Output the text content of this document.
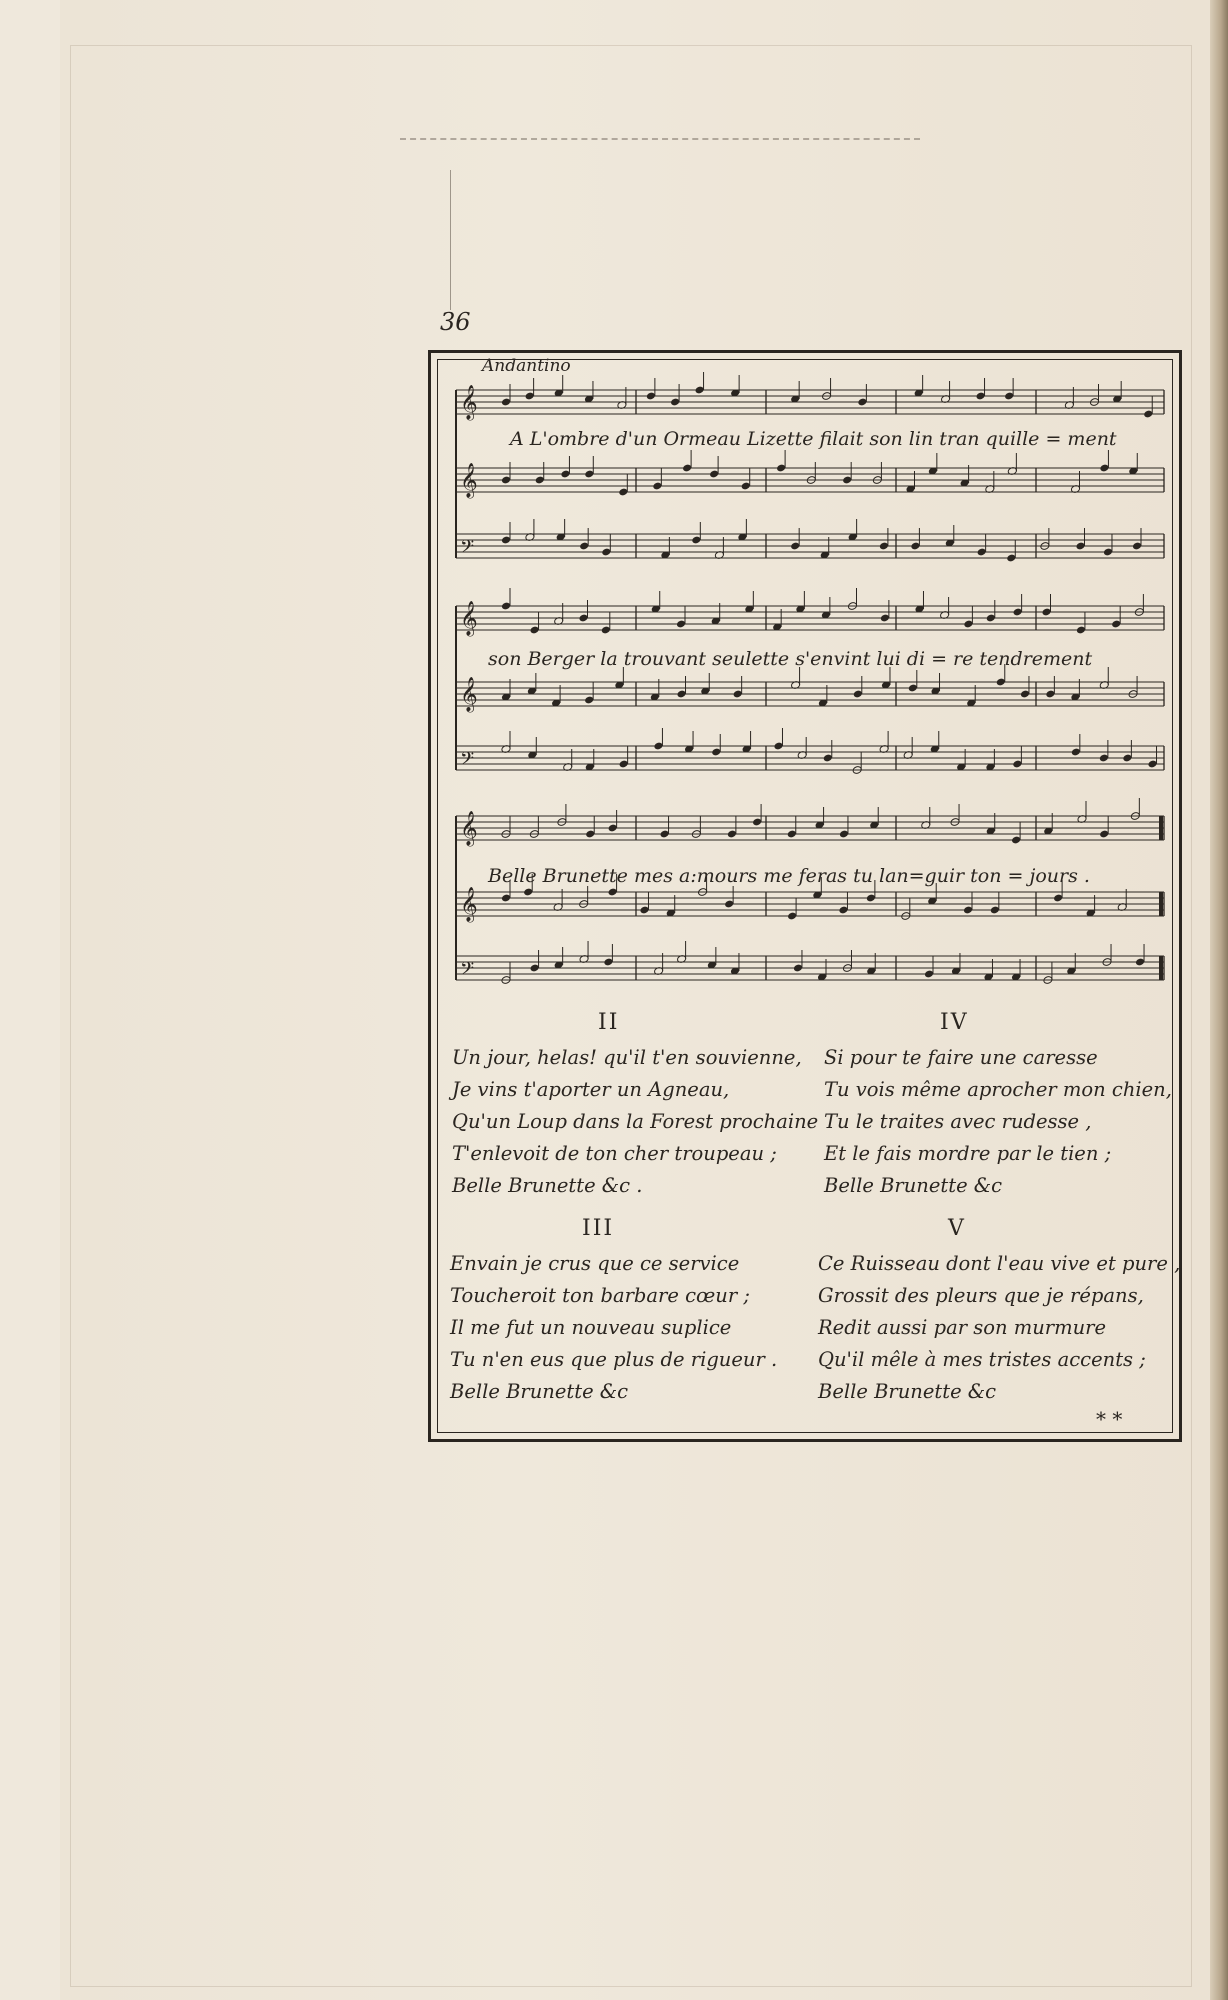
36
Andantino
𝄞
𝄞
𝄢
𝄞
𝄞
𝄢
𝄞
𝄞
𝄢
A L'ombre d'un Ormeau Lizette filait son lin tran quille = ment
son Berger la trouvant seulette s'envint lui di = re tendrement
Belle Brunette mes a:mours me feras tu lan=guir ton = jours .
II
Un jour, helas! qu'il t'en souvienne,
Je vins t'aporter un Agneau,
Qu'un Loup dans la Forest prochaine
T'enlevoit de ton cher troupeau ;
Belle Brunette &c .
III
Envain je crus que ce service
Toucheroit ton barbare cœur ;
Il me fut un nouveau suplice
Tu n'en eus que plus de rigueur .
Belle Brunette &c
IV
Si pour te faire une caresse
Tu vois même aprocher mon chien,
Tu le traites avec rudesse ,
Et le fais mordre par le tien ;
Belle Brunette &c
V
Ce Ruisseau dont l'eau vive et pure ,
Grossit des pleurs que je répans,
Redit aussi par son murmure
Qu'il mêle à mes tristes accents ;
Belle Brunette &c
* *
